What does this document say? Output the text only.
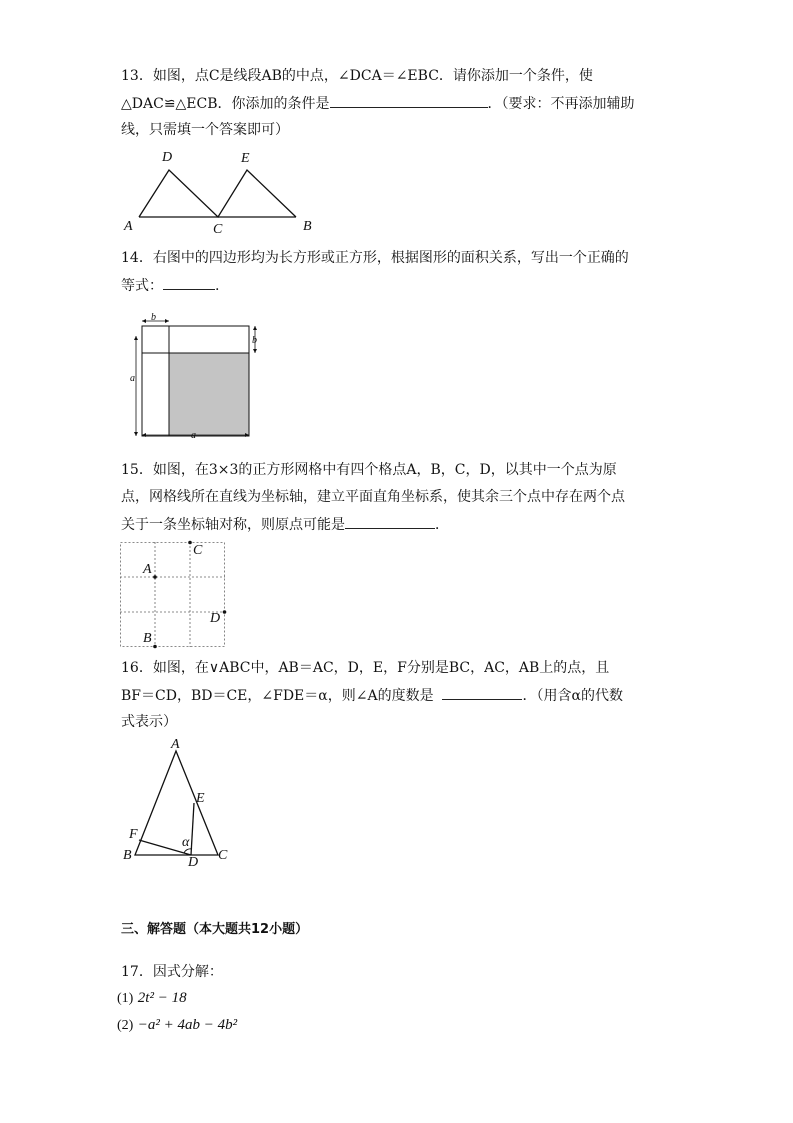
13．如图，点C是线段AB的中点，∠DCA＝∠EBC．请你添加一个条件，使
△DAC≌△ECB．你添加的条件是	．（要求：不再添加辅助
线，只需填一个答案即可）
D	E
A	C	B
14．右图中的四边形均为长方形或正方形，根据图形的面积关系，写出一个正确的
等式：	.
b
b
a
a
15．如图，在3×3的正方形网格中有四个格点A，B，C，D，以其中一个点为原
点，网格线所在直线为坐标轴，建立平面直角坐标系，使其余三个点中存在两个点
关于一条坐标轴对称，则原点可能是	．
A
C
D
B
16．如图，在∨ABC中，AB＝AC，D，E，F分别是BC，AC，AB上的点，且
BF＝CD，BD＝CE，∠FDE＝α，则∠A的度数是	．（用含α的代数
式表示）
A
E
F
B
α
D C
三、解答题（本大题共12小题）
17．因式分解：
(1) 2t² − 18
(2) −a² + 4ab − 4b²
